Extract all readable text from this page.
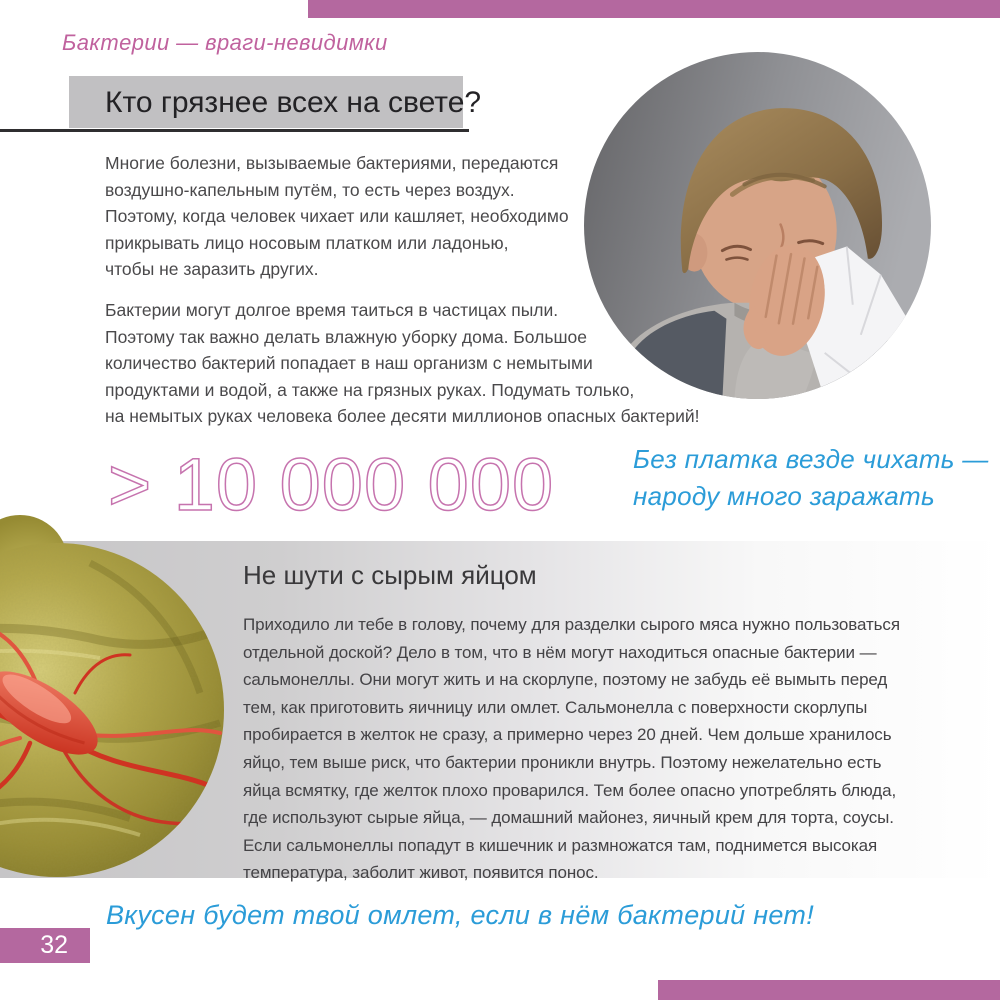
Бактерии — враги-невидимки
Кто грязнее всех на свете?
Многие болезни, вызываемые бактериями, передаются
воздушно-капельным путём, то есть через воздух.
Поэтому, когда человек чихает или кашляет, необходимо
прикрывать лицо носовым платком или ладонью,
чтобы не заразить других.
Бактерии могут долгое время таиться в частицах пыли.
Поэтому так важно делать влажную уборку дома. Большое
количество бактерий попадает в наш организм с немытыми
продуктами и водой, а также на грязных руках. Подумать только,
на немытых руках человека более десяти миллионов опасных бактерий!
> 10 000 000	Без платка везде чихать —
народу много заражать
Не шути с сырым яйцом
Приходило ли тебе в голову, почему для разделки сырого мяса нужно пользоваться
отдельной доской? Дело в том, что в нём могут находиться опасные бактерии —
сальмонеллы. Они могут жить и на скорлупе, поэтому не забудь её вымыть перед
тем, как приготовить яичницу или омлет. Сальмонелла с поверхности скорлупы
пробирается в желток не сразу, а примерно через 20 дней. Чем дольше хранилось
яйцо, тем выше риск, что бактерии проникли внутрь. Поэтому нежелательно есть
яйца всмятку, где желток плохо проварился. Тем более опасно употреблять блюда,
где используют сырые яйца, — домашний майонез, яичный крем для торта, соусы.
Если сальмонеллы попадут в кишечник и размножатся там, поднимется высокая
температура, заболит живот, появится понос.
Вкусен будет твой омлет, если в нём бактерий нет!
32
